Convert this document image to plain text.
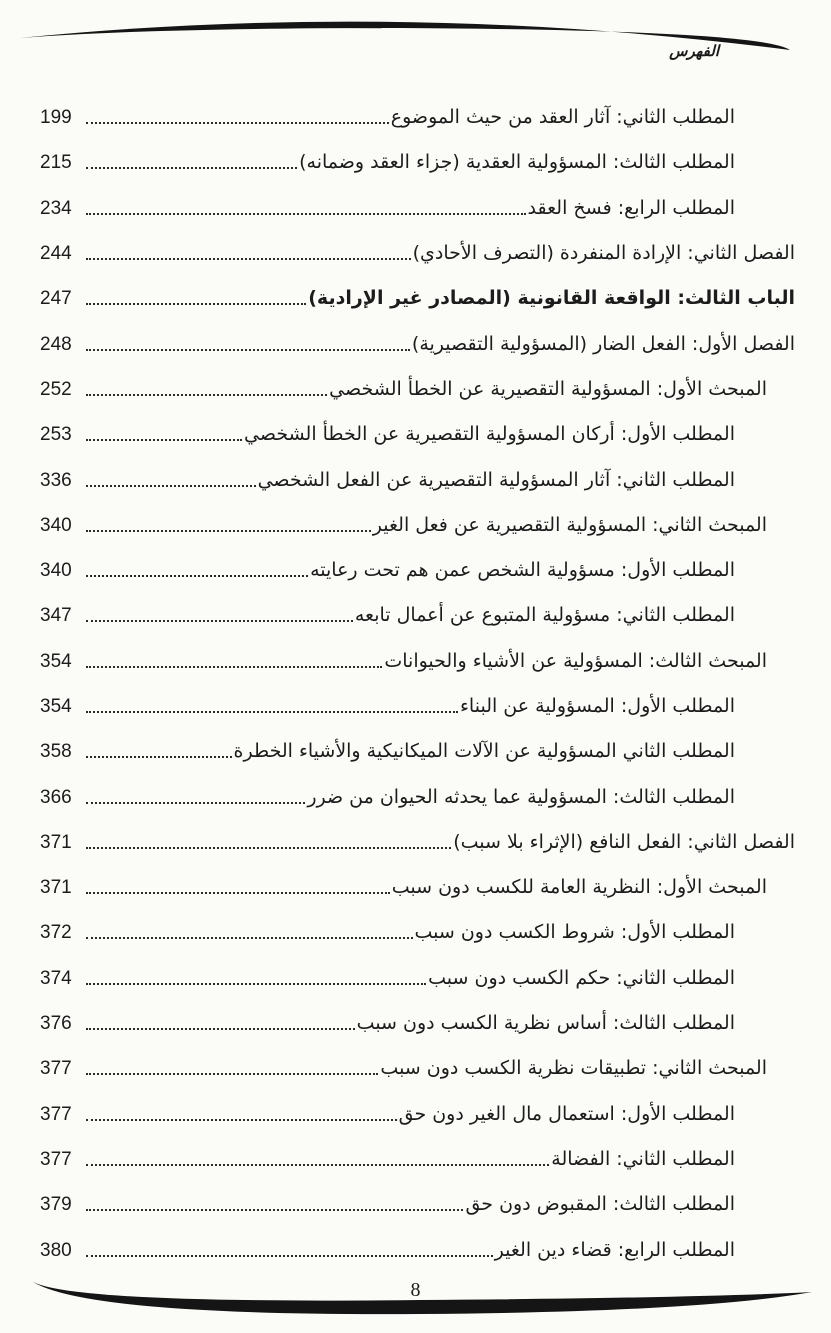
الفهرس
المطلب الثاني: آثار العقد من حيث الموضوع
199
المطلب الثالث: المسؤولية العقدية (جزاء العقد وضمانه)
215
المطلب الرابع: فسخ العقد
234
الفصل الثاني: الإرادة المنفردة (التصرف الأحادي)
244
الباب الثالث: الواقعة القانونية (المصادر غير الإرادية)
247
الفصل الأول: الفعل الضار (المسؤولية التقصيرية)
248
المبحث الأول: المسؤولية التقصيرية عن الخطأ الشخصي
252
المطلب الأول: أركان المسؤولية التقصيرية عن الخطأ الشخصي
253
المطلب الثاني: آثار المسؤولية التقصيرية عن الفعل الشخصي
336
المبحث الثاني: المسؤولية التقصيرية عن فعل الغير
340
المطلب الأول: مسؤولية الشخص عمن هم تحت رعايته
340
المطلب الثاني: مسؤولية المتبوع عن أعمال تابعه
347
المبحث الثالث: المسؤولية عن الأشياء والحيوانات
354
المطلب الأول: المسؤولية عن البناء
354
المطلب الثاني المسؤولية عن الآلات الميكانيكية والأشياء الخطرة
358
المطلب الثالث: المسؤولية عما يحدثه الحيوان من ضرر
366
الفصل الثاني: الفعل النافع (الإثراء بلا سبب)
371
المبحث الأول: النظرية العامة للكسب دون سبب
371
المطلب الأول: شروط الكسب دون سبب
372
المطلب الثاني: حكم الكسب دون سبب
374
المطلب الثالث: أساس نظرية الكسب دون سبب
376
المبحث الثاني: تطبيقات نظرية الكسب دون سبب
377
المطلب الأول: استعمال مال الغير دون حق
377
المطلب الثاني: الفضالة
377
المطلب الثالث: المقبوض دون حق
379
المطلب الرابع: قضاء دين الغير
380
8
